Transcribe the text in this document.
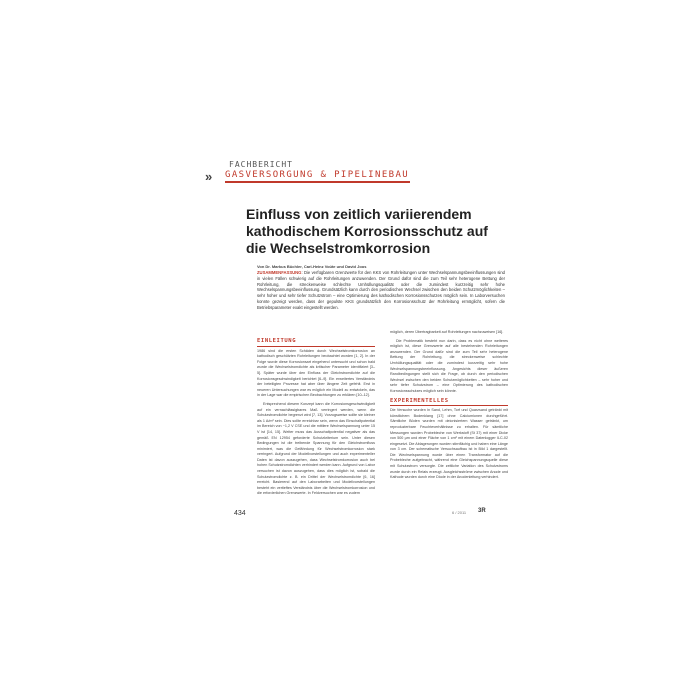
FACHBERICHT
» GASVERSORGUNG & PIPELINEBAU
Einfluss von zeitlich variierendem kathodischem Korrosionsschutz auf die Wechselstromkorrosion
Von Dr. Markus Büchler, Carl-Heinz Voûte und David Joos
ZUSAMMENFASSUNG: Die verfügbaren Grenzwerte für den KKS von Rohrleitungen unter Wechselspannungsbeeinflussungen sind in vielen Fällen schwierig auf die Rohrleitungen anzuwenden. Der Grund dafür sind die zum Teil sehr heterogene Bettung der Rohrleitung, die streckenweise schlechte Umhüllungsqualität oder die zumindest kurzzeitig sehr hohe Wechselspannungsbeeinflussung. Grundsätzlich kann durch den periodischen Wechsel zwischen den beiden Schutzmöglichkeiten – sehr hoher und sehr tiefer Schutzstrom – eine Optimierung des kathodischen Korrosionsschutzes möglich sein. In Laborversuchen konnte gezeigt werden, dass der gepulste KKS grundsätzlich den Korrosionsschutz der Rohrleitung ermöglicht, sofern die Betriebsparameter exakt eingestellt werden.
EINLEITUNG

1986 sind die ersten Schäden durch Wechselstromkorrosion an kathodisch geschützten Rohrleitungen beobachtet worden [1, 2]. In der Folge wurde diese Korrosionsart eingehend untersucht und schon bald wurde die Wechselstromdichte als kritischer Parameter identifiziert [3–5]. Später wurde über den Einfluss der Gleichstromdichte auf die Korrosionsgeschwindigkeit berichtet [6–9]. Ein erweitertes Verständnis der beteiligten Prozesse hat aber über längere Zeit gefehlt. Erst in neueren Untersuchungen war es möglich ein Modell zu entwickeln, das in der Lage war die empirischen Beobachtungen zu erklären [10–12].

Entsprechend diesem Konzept kann die Korrosionsgeschwindigkeit auf ein vernachlässigbares Maß verringert werden, wenn die Schutzstromdichte begrenzt wird [7, 13]. Vorzugsweise sollte sie kleiner als 1 A/m² sein. Dies sollte erreichbar sein, wenn das Einschaltpotential im Bereich von −1,2 V CSE und die mittlere Wechselspannung unter 15 V ist [14, 15]. Weiter muss das Ausschaltpotential negativer als das gemäß EN 12954 geforderte Schutzkriterium sein. Unter diesen Bedingungen ist die treibende Spannung für den Gleichstromfluss minimiert, was die Gefährdung für Wechselstromkorrosion stark verringert. Aufgrund der Modellvorstellungen und auch experimenteller Daten ist davon auszugehen, dass Wechselstromkorrosion auch bei hohen Schutzstromdichten verhindert werden kann. Aufgrund von Labor versuchen ist davon auszugehen, dass dies möglich ist, sobald die Schutzstromdichte z. B. ein Drittel der Wechselstromdichte [6, 16] erreicht. Basierend auf den Laborarbeiten und Modellvorstellungen besteht ein vertieftes Verständnis über die Wechselstromkorrosion und die erforderlichen Grenzwerte. In Feldversuchen war es zudem

möglich, deren Übertragbarkeit auf Rohrleitungen nachzuweisen [16].

Die Problematik besteht nun darin, dass es nicht ohne weiteres möglich ist, diese Grenzwerte auf alle bestehenden Rohrleitungen anzuwenden. Der Grund dafür sind die zum Teil sehr heterogene Bettung der Rohrleitung, die streckenweise schlechte Umhüllungsqualität oder die zumindest kurzzeitig sehr hohe Wechselspannungsbeeinflussung. Angesichts dieser äußeren Randbedingungen stellt sich die Frage, ob durch den periodischen Wechsel zwischen den beiden Schutzmöglichkeiten – sehr hoher und sehr tiefer Schutzstrom – eine Optimierung des kathodischen Korrosionsschutzes möglich sein könnte.

EXPERIMENTELLES

Die Versuche wurden in Sand, Lehm, Torf und Quarzsand getränkt mit künstlichem Bodenklang [17] ohne Calciumionen durchgeführt. Sämtliche Böden wurden mit deionisiertem Wasser getränkt, um reproduzierbare Feuchteverhältnisse zu erhalten. Für sämtliche Messungen wurden Probebleche von Werkstoff (St 37) mit einer Dicke von 500 µm und einer Fläche von 1 cm² mit einem Datenlogger ILC-02 eingesetzt. Die Ablagerungen wurden stirnflächig und haben eine Länge von 3 cm. Der schematische Versuchsaufbau ist in Bild 1 dargestellt. Die Wechselspannung wurde über einen Transformator auf die Probebleche aufgebracht, während eine Gleichspannungsquelle diese mit Schutzstrom versorgte. Die zeitliche Variation des Schutzstroms wurde durch ein Relais erzeugt. Ausgleichsströme zwischen Anode und Kathode wurden durch eine Diode in der Anodenleitung verhindert.

434	6 / 2011 3R
